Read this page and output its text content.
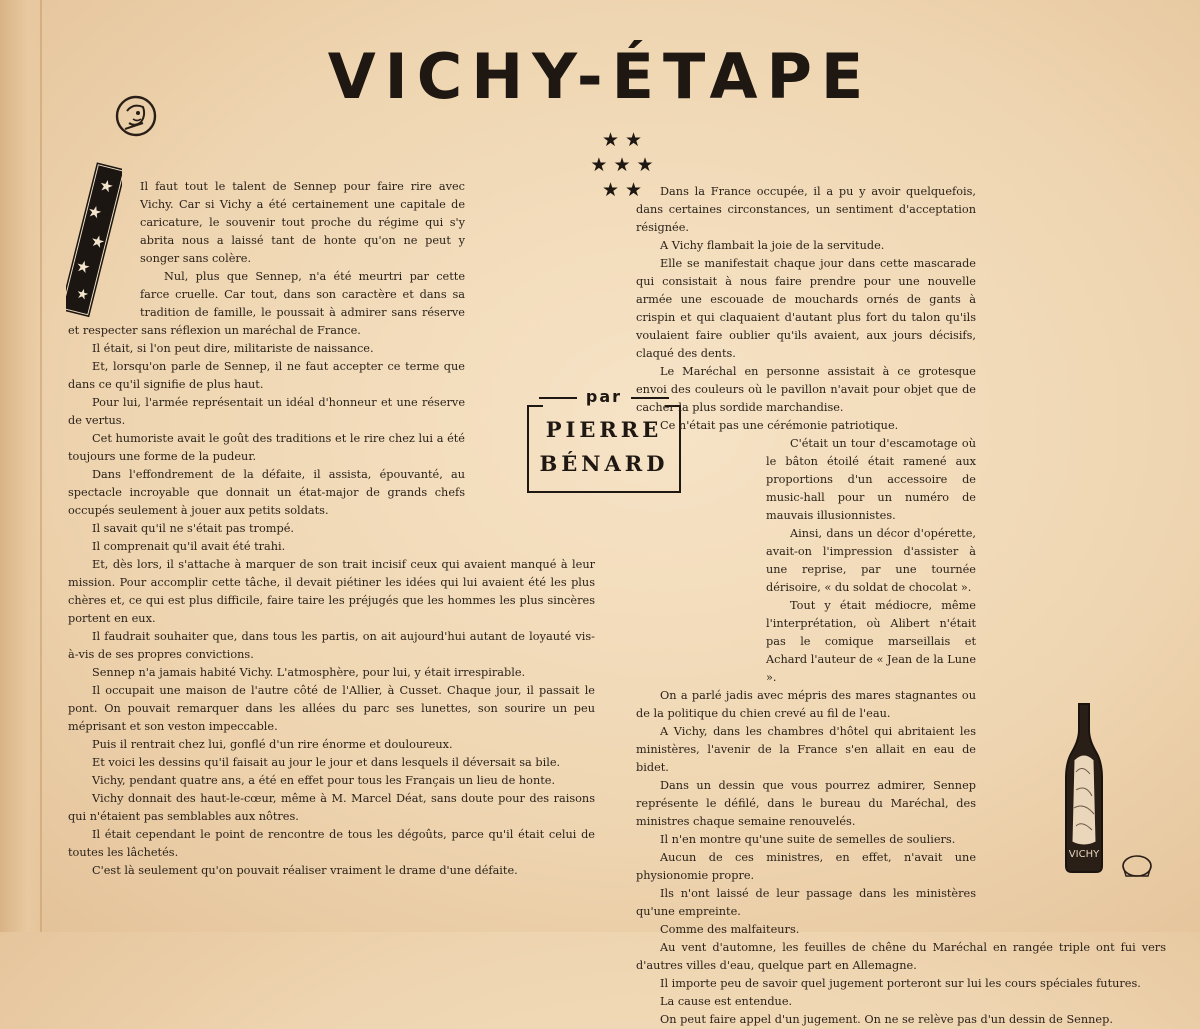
VICHY-ÉTAPE
★ ★
★ ★ ★
★ ★
★
★
★
★
★
par
PIERRE
BÉNARD

Il faut tout le talent de Sennep pour faire rire avec Vichy. Car si Vichy a été certainement une capitale de caricature, le souvenir tout proche du régime qui s'y abrita nous a laissé tant de honte qu'on ne peut y songer sans colère.

Nul, plus que Sennep, n'a été meurtri par cette farce cruelle. Car tout, dans son caractère et dans sa tradition de famille, le poussait à admirer sans réserve et respecter sans réflexion un maréchal de France.

Il était, si l'on peut dire, militariste de naissance.

Et, lorsqu'on parle de Sennep, il ne faut accepter ce terme que dans ce qu'il signifie de plus haut.

Pour lui, l'armée représentait un idéal d'honneur et une réserve de vertus.

Cet humoriste avait le goût des traditions et le rire chez lui a été toujours une forme de la pudeur.

Dans l'effondrement de la défaite, il assista, épouvanté, au spectacle incroyable que donnait un état-major de grands chefs occupés seulement à jouer aux petits soldats.

Il savait qu'il ne s'était pas trompé.

Il comprenait qu'il avait été trahi.

Et, dès lors, il s'attache à marquer de son trait incisif ceux qui avaient manqué à leur mission. Pour accomplir cette tâche, il devait piétiner les idées qui lui avaient été les plus chères et, ce qui est plus difficile, faire taire les préjugés que les hommes les plus sincères portent en eux.

Il faudrait souhaiter que, dans tous les partis, on ait aujourd'hui autant de loyauté vis-à-vis de ses propres convictions.

Sennep n'a jamais habité Vichy. L'atmosphère, pour lui, y était irrespirable.

Il occupait une maison de l'autre côté de l'Allier, à Cusset. Chaque jour, il passait le pont. On pouvait remarquer dans les allées du parc ses lunettes, son sourire un peu méprisant et son veston impeccable.

Puis il rentrait chez lui, gonflé d'un rire énorme et douloureux.

Et voici les dessins qu'il faisait au jour le jour et dans lesquels il déversait sa bile.

Vichy, pendant quatre ans, a été en effet pour tous les Français un lieu de honte.

Vichy donnait des haut-le-cœur, même à M. Marcel Déat, sans doute pour des raisons qui n'étaient pas semblables aux nôtres.

Il était cependant le point de rencontre de tous les dégoûts, parce qu'il était celui de toutes les lâchetés.

C'est là seulement qu'on pouvait réaliser vraiment le drame d'une défaite.

Dans la France occupée, il a pu y avoir quelquefois, dans certaines circonstances, un sentiment d'acceptation résignée.

A Vichy flambait la joie de la servitude.

Elle se manifestait chaque jour dans cette mascarade qui consistait à nous faire prendre pour une nouvelle armée une escouade de mouchards ornés de gants à crispin et qui claquaient d'autant plus fort du talon qu'ils voulaient faire oublier qu'ils avaient, aux jours décisifs, claqué des dents.

Le Maréchal en personne assistait à ce grotesque envoi des couleurs où le pavillon n'avait pour objet que de cacher la plus sordide marchandise.

Ce n'était pas une cérémonie patriotique.

C'était un tour d'escamotage où le bâton étoilé était ramené aux proportions d'un accessoire de music-hall pour un numéro de mauvais illusionnistes.

Ainsi, dans un décor d'opérette, avait-on l'impression d'assister à une reprise, par une tournée dérisoire, « du soldat de chocolat ».

Tout y était médiocre, même l'interprétation, où Alibert n'était pas le comique marseillais et Achard l'auteur de « Jean de la Lune ».

On a parlé jadis avec mépris des mares stagnantes ou de la politique du chien crevé au fil de l'eau.

A Vichy, dans les chambres d'hôtel qui abritaient les ministères, l'avenir de la France s'en allait en eau de bidet.

Dans un dessin que vous pourrez admirer, Sennep représente le défilé, dans le bureau du Maréchal, des ministres chaque semaine renouvelés.

Il n'en montre qu'une suite de semelles de souliers.

Aucun de ces ministres, en effet, n'avait une physionomie propre.

Ils n'ont laissé de leur passage dans les ministères qu'une empreinte.

Comme des malfaiteurs.

Au vent d'automne, les feuilles de chêne du Maréchal en rangée triple ont fui vers d'autres villes d'eau, quelque part en Allemagne.

Il importe peu de savoir quel jugement porteront sur lui les cours spéciales futures.

La cause est entendue.

On peut faire appel d'un jugement. On ne se relève pas d'un dessin de Sennep.

VICHY
